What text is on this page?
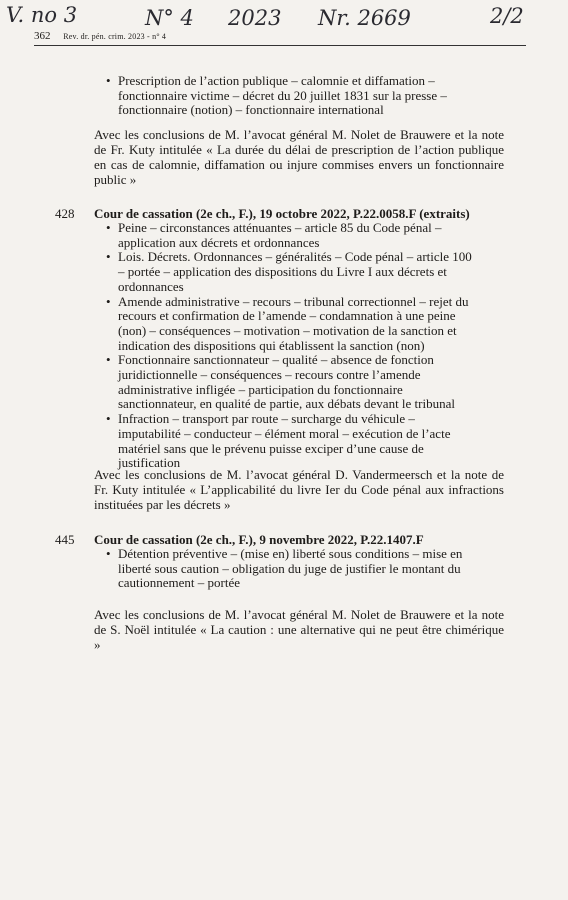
V. no 3	N° 4 2023 Nr. 2669	2/2
362 Rev. dr. pén. crim. 2023 - n° 4
• Prescription de l’action publique – calomnie et diffamation – fonctionnaire victime – décret du 20 juillet 1831 sur la presse – fonctionnaire (notion) – fonctionnaire international

Avec les conclusions de M. l’avocat général M. Nolet de Brauwere et la note de Fr. Kuty intitulée « La durée du délai de prescription de l’action publique en cas de calomnie, diffamation ou injure commises envers un fonctionnaire public »

428 Cour de cassation (2e ch., F.), 19 octobre 2022, P.22.0058.F (extraits)
• Peine – circonstances atténuantes – article 85 du Code pénal – application aux décrets et ordonnances
• Lois. Décrets. Ordonnances – généralités – Code pénal – article 100 – portée – application des dispositions du Livre I aux décrets et ordonnances
• Amende administrative – recours – tribunal correctionnel – rejet du recours et confirmation de l’amende – condamnation à une peine (non) – conséquences – motivation – motivation de la sanction et indication des dispositions qui établissent la sanction (non)
• Fonctionnaire sanctionnateur – qualité – absence de fonction juridictionnelle – conséquences – recours contre l’amende administrative infligée – participation du fonctionnaire sanctionnateur, en qualité de partie, aux débats devant le tribunal
• Infraction – transport par route – surcharge du véhicule – imputabilité – conducteur – élément moral – exécution de l’acte matériel sans que le prévenu puisse exciper d’une cause de justification

Avec les conclusions de M. l’avocat général D. Vandermeersch et la note de Fr. Kuty intitulée « L’applicabilité du livre Ier du Code pénal aux infractions instituées par les décrets »

445 Cour de cassation (2e ch., F.), 9 novembre 2022, P.22.1407.F
• Détention préventive – (mise en) liberté sous conditions – mise en liberté sous caution – obligation du juge de justifier le montant du cautionnement – portée

Avec les conclusions de M. l’avocat général M. Nolet de Brauwere et la note de S. Noël intitulée « La caution : une alternative qui ne peut être chimérique »
